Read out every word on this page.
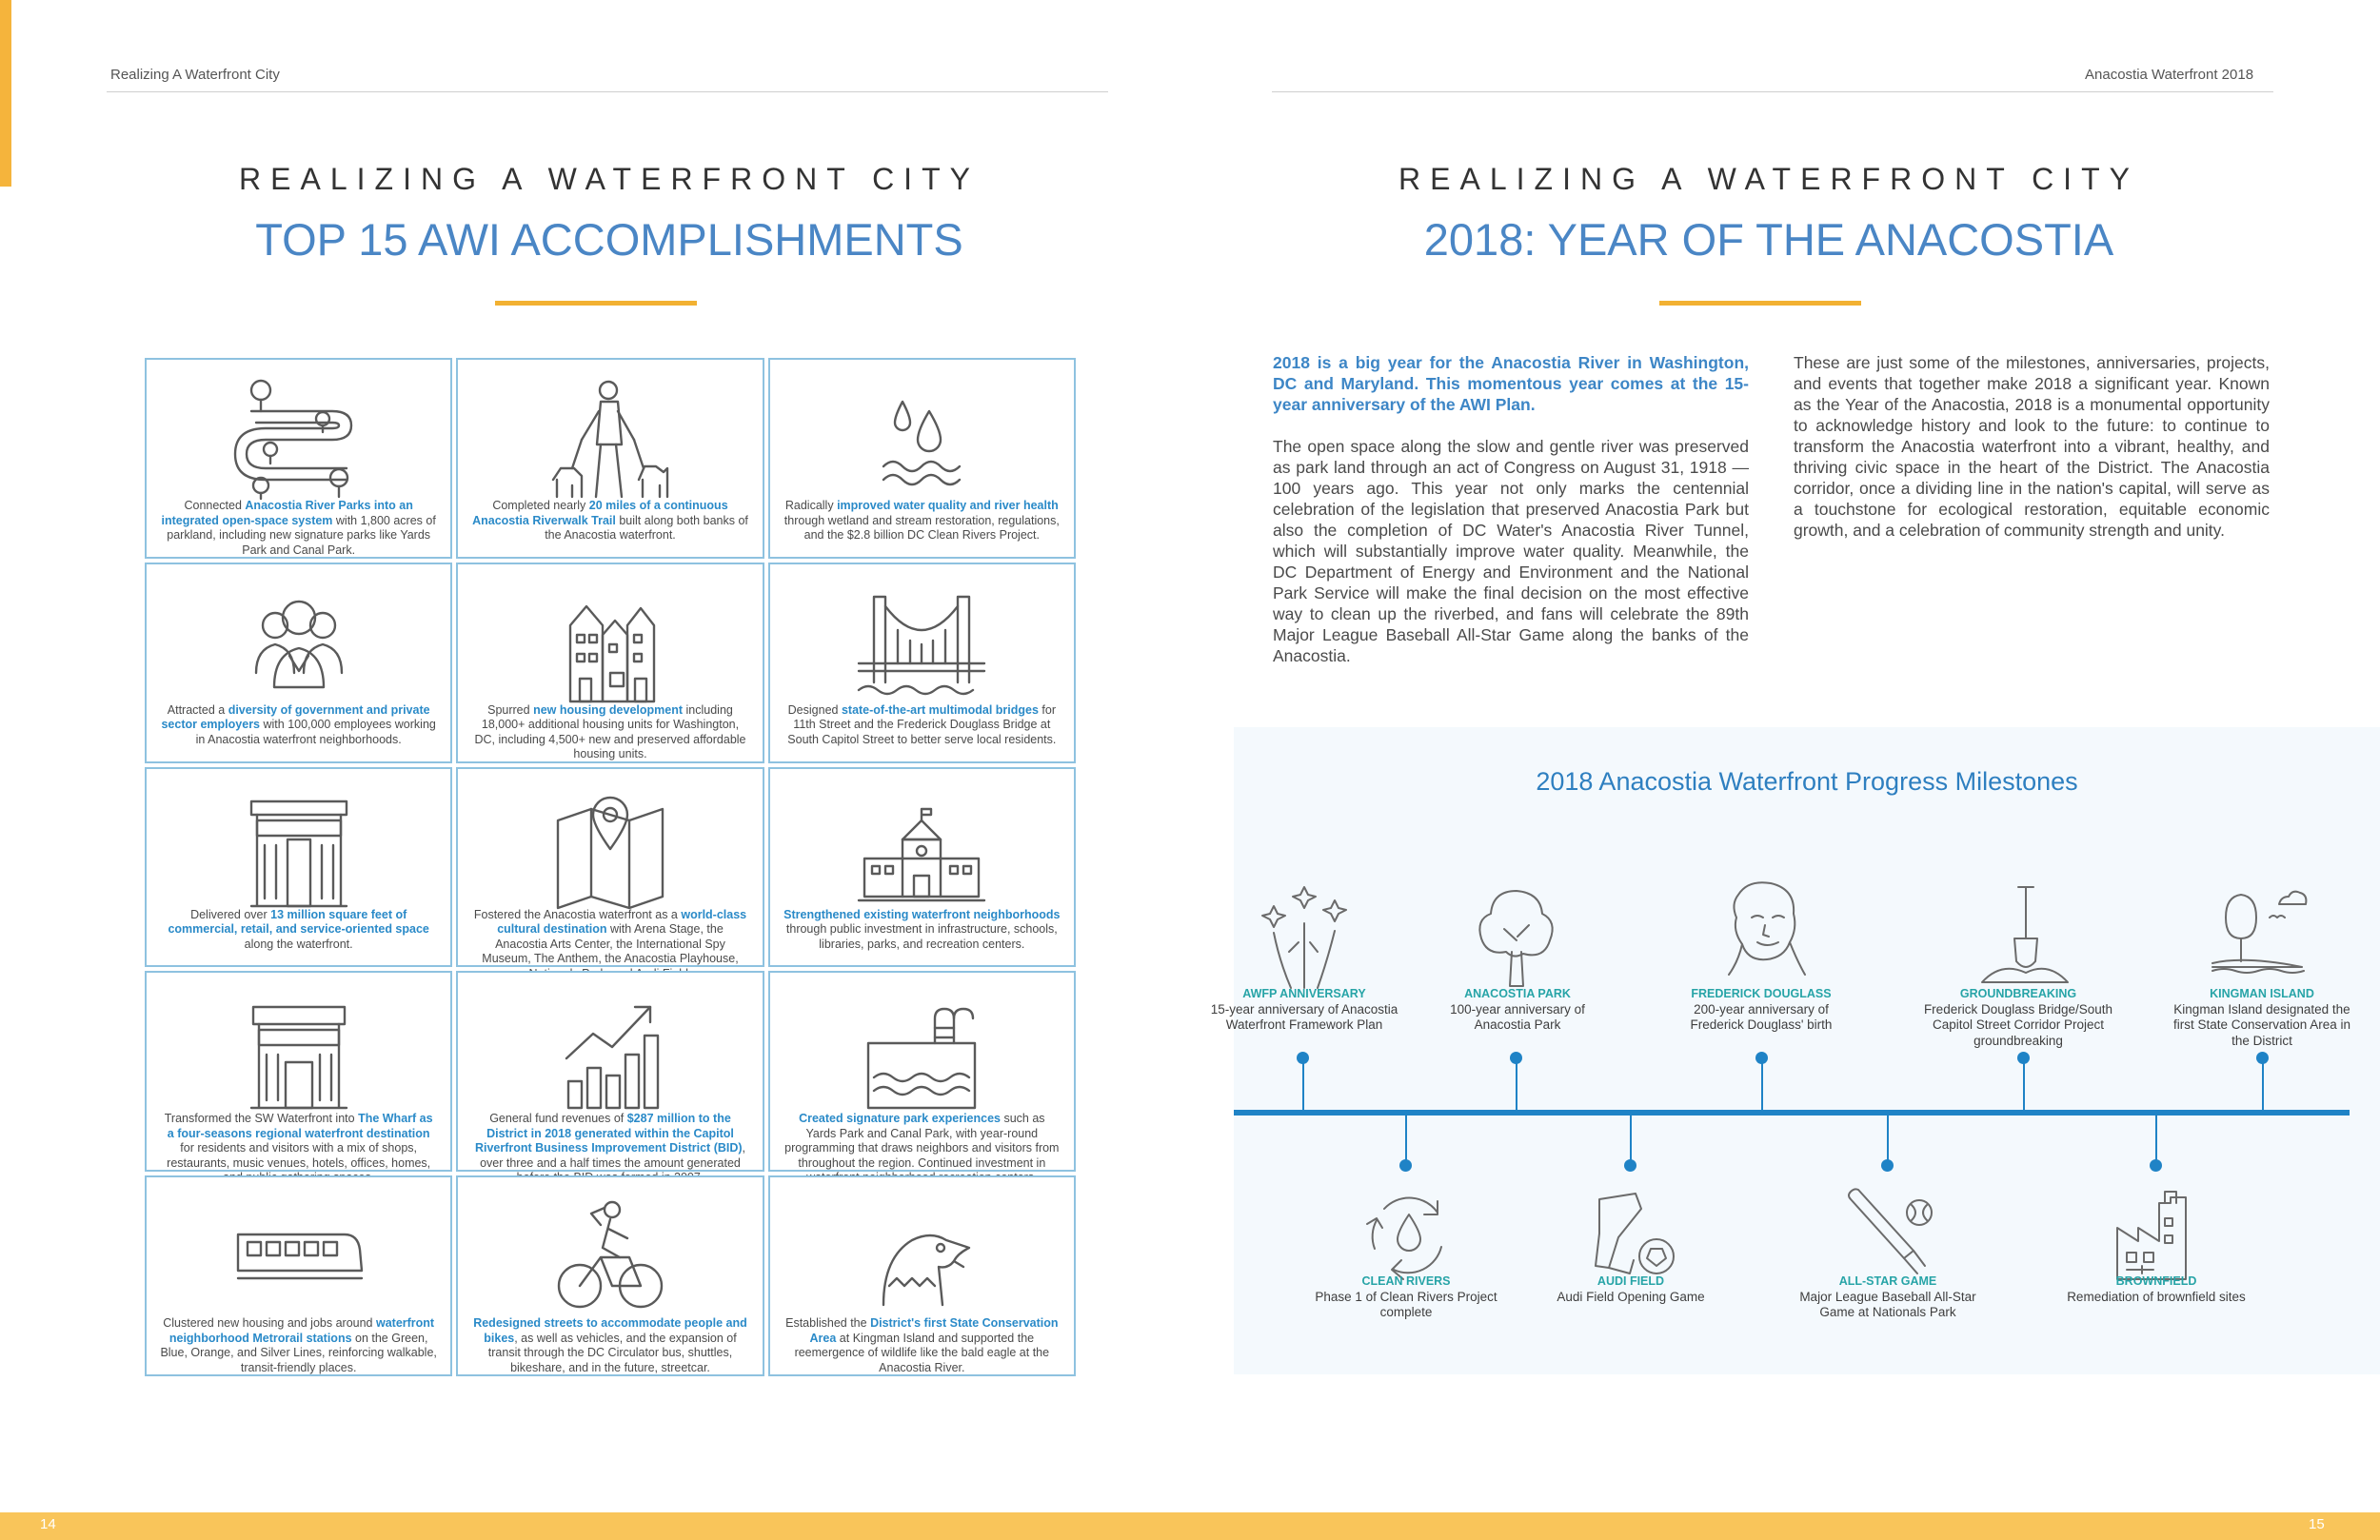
14	15
Realizing A Waterfront City
REALIZING A WATERFRONT CITY
TOP 15 AWI ACCOMPLISHMENTS
Connected Anacostia River Parks into an integrated open-space system with 1,800 acres of parkland, including new signature parks like Yards Park and Canal Park.
Completed nearly 20 miles of a continuous Anacostia Riverwalk Trail built along both banks of the Anacostia waterfront.
Radically improved water quality and river health through wetland and stream restoration, regulations, and the $2.8 billion DC Clean Rivers Project.
Attracted a diversity of government and private sector employers with 100,000 employees working in Anacostia waterfront neighborhoods.
Spurred new housing development including 18,000+ additional housing units for Washington, DC, including 4,500+ new and preserved affordable housing units.
Designed state-of-the-art multimodal bridges for 11th Street and the Frederick Douglass Bridge at South Capitol Street to better serve local residents.
Delivered over 13 million square feet of commercial, retail, and service-oriented space along the waterfront.
Fostered the Anacostia waterfront as a world-class cultural destination with Arena Stage, the Anacostia Arts Center, the International Spy Museum, The Anthem, the Anacostia Playhouse,
Strengthened existing waterfront neighborhoods through public investment in infrastructure, schools, libraries, parks, and recreation centers.
Transformed the SW Waterfront into The Wharf as a four-seasons regional waterfront destination for residents and visitors with a mix of shops, restaurants, music venues, hotels, offices, homes,
General fund revenues of $287 million to the District in 2018 generated within the Capitol Riverfront Business Improvement District (BID), over three and a half times the amount generated
Created signature park experiences such as Yards Park and Canal Park, with year-round programming that draws neighbors and visitors from throughout the region. Continued investment in
Clustered new housing and jobs around waterfront neighborhood Metrorail stations on the Green, Blue, Orange, and Silver Lines, reinforcing walkable, transit-friendly places.
Redesigned streets to accommodate people and bikes, as well as vehicles, and the expansion of transit through the DC Circulator bus, shuttles, bikeshare, and in the future, streetcar.
Established the District's first State Conservation Area at Kingman Island and supported the reemergence of wildlife like the bald eagle at the Anacostia River.
Anacostia Waterfront 2018
REALIZING A WATERFRONT CITY
2018: YEAR OF THE ANACOSTIA
2018 is a big year for the Anacostia River in Washington, DC and Maryland. This momentous year comes at the 15-year anniversary of the AWI Plan.
The open space along the slow and gentle river was preserved as park land through an act of Congress on August 31, 1918 — 100 years ago. This year not only marks the centennial celebration of the legislation that preserved Anacostia Park but also the completion of DC Water's Anacostia River Tunnel, which will substantially improve water quality. Meanwhile, the DC Department of Energy and Environment and the National Park Service will make the final decision on the most effective way to clean up the riverbed, and fans will celebrate the 89th Major League Baseball All-Star Game along the banks of the Anacostia.
These are just some of the milestones, anniversaries, projects, and events that together make 2018 a significant year. Known as the Year of the Anacostia, 2018 is a monumental opportunity to acknowledge history and look to the future: to continue to transform the Anacostia waterfront into a vibrant, healthy, and thriving civic space in the heart of the District. The Anacostia corridor, once a dividing line in the nation's capital, will serve as a touchstone for ecological restoration, equitable economic growth, and a celebration of community strength and unity.
2018 Anacostia Waterfront Progress Milestones
AWFP ANNIVERSARY
15-year anniversary of Anacostia Waterfront Framework Plan
ANACOSTIA PARK
100-year anniversary of Anacostia Park
FREDERICK DOUGLASS
200-year anniversary of Frederick Douglass' birth
GROUNDBREAKING
Frederick Douglass Bridge/South Capitol Street Corridor Project groundbreaking
KINGMAN ISLAND
Kingman Island designated the first State Conservation Area in the District
CLEAN RIVERS
Phase 1 of Clean Rivers Project complete
AUDI FIELD
Audi Field Opening Game
ALL-STAR GAME
Major League Baseball All-Star Game at Nationals Park
BROWNFIELD
Remediation of brownfield sites
